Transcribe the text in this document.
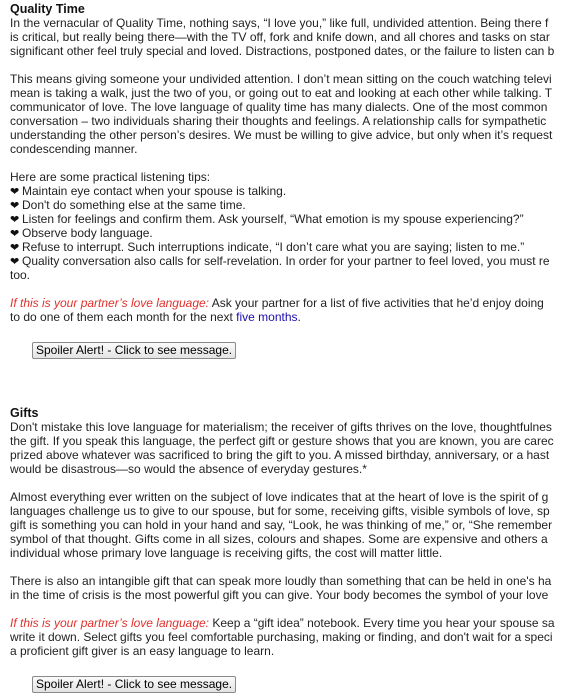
Quality Time
In the vernacular of Quality Time, nothing says, “I love you,” like full, undivided attention. Being there f
is critical, but really being there—with the TV off, fork and knife down, and all chores and tasks on star
significant other feel truly special and loved. Distractions, postponed dates, or the failure to listen can b
This means giving someone your undivided attention. I don’t mean sitting on the couch watching televi
mean is taking a walk, just the two of you, or going out to eat and looking at each other while talking. T
communicator of love. The love language of quality time has many dialects. One of the most common
conversation – two individuals sharing their thoughts and feelings. A relationship calls for sympathetic
understanding the other person’s desires. We must be willing to give advice, but only when it’s request
condescending manner.
Here are some practical listening tips:
❤ Maintain eye contact when your spouse is talking.
❤ Don't do something else at the same time.
❤ Listen for feelings and confirm them. Ask yourself, “What emotion is my spouse experiencing?”
❤ Observe body language.
❤ Refuse to interrupt. Such interruptions indicate, “I don’t care what you are saying; listen to me.”
❤ Quality conversation also calls for self-revelation. In order for your partner to feel loved, you must re
too.
If this is your partner’s love language: Ask your partner for a list of five activities that he’d enjoy doing
to do one of them each month for the next five months.
Spoiler Alert! - Click to see message.
Gifts
Don't mistake this love language for materialism; the receiver of gifts thrives on the love, thoughtfulnes
the gift. If you speak this language, the perfect gift or gesture shows that you are known, you are carec
prized above whatever was sacrificed to bring the gift to you. A missed birthday, anniversary, or a hast
would be disastrous—so would the absence of everyday gestures.*
Almost everything ever written on the subject of love indicates that at the heart of love is the spirit of g
languages challenge us to give to our spouse, but for some, receiving gifts, visible symbols of love, sp
gift is something you can hold in your hand and say, “Look, he was thinking of me,” or, “She remember
symbol of that thought. Gifts come in all sizes, colours and shapes. Some are expensive and others a
individual whose primary love language is receiving gifts, the cost will matter little.
There is also an intangible gift that can speak more loudly than something that can be held in one's ha
in the time of crisis is the most powerful gift you can give. Your body becomes the symbol of your love
If this is your partner’s love language: Keep a “gift idea” notebook. Every time you hear your spouse sa
write it down. Select gifts you feel comfortable purchasing, making or finding, and don't wait for a speci
a proficient gift giver is an easy language to learn.
Spoiler Alert! - Click to see message.
